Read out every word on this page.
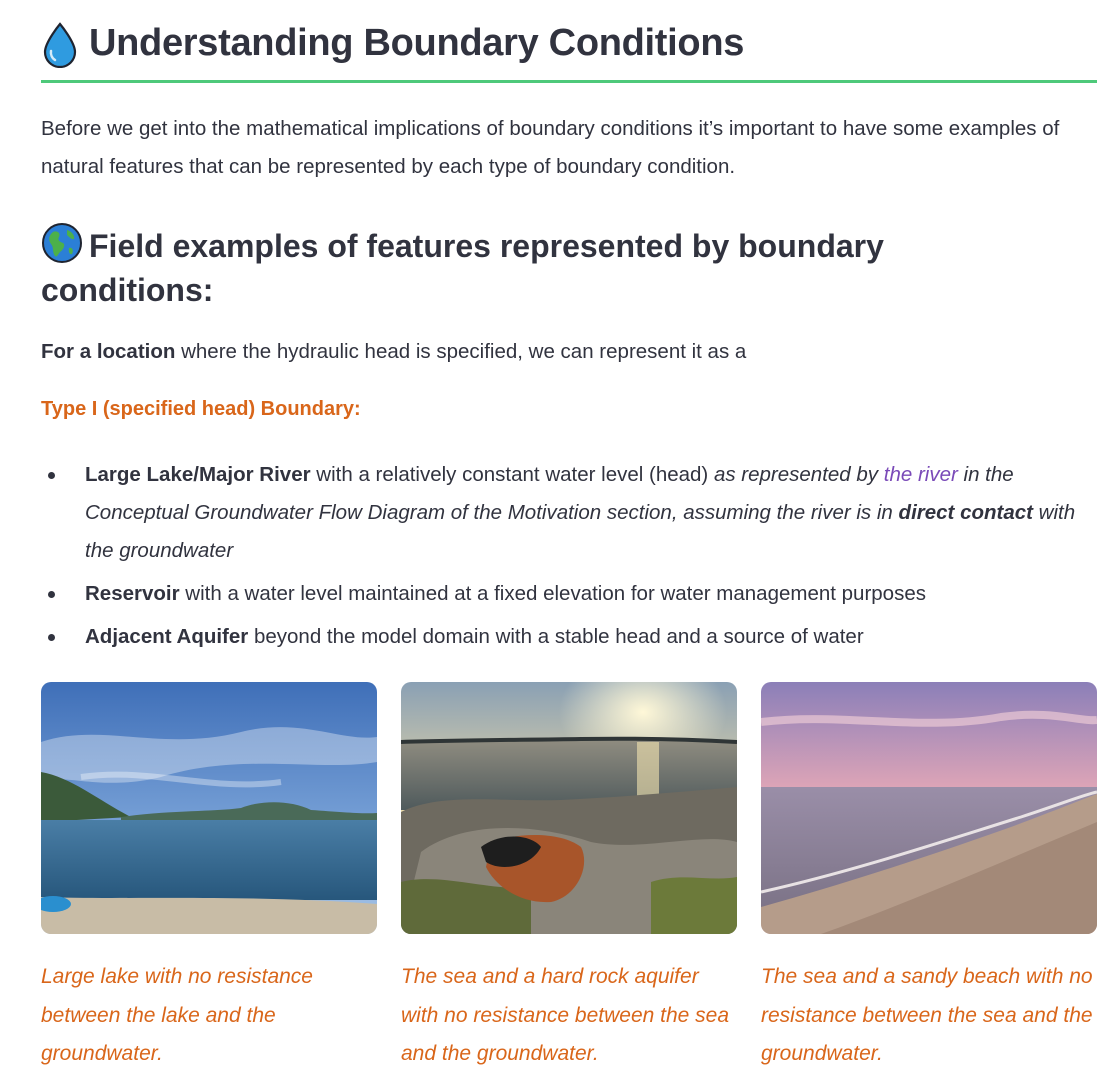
Understanding Boundary Conditions

Before we get into the mathematical implications of boundary conditions it’s important to have some examples of natural features that can be represented by each type of boundary condition.

Field examples of features represented by boundary conditions:

For a location where the hydraulic head is specified, we can represent it as a

Type I (specified head) Boundary:

Large Lake/Major River with a relatively constant water level (head) as represented by the river in the Conceptual Groundwater Flow Diagram of the Motivation section, assuming the river is in direct contact with the groundwater
Reservoir with a water level maintained at a fixed elevation for water management purposes
Adjacent Aquifer beyond the model domain with a stable head and a source of water

Large lake with no resistance between the lake and the groundwater.

The sea and a hard rock aquifer with no resistance between the sea and the groundwater.

The sea and a sandy beach with no resistance between the sea and the groundwater.
